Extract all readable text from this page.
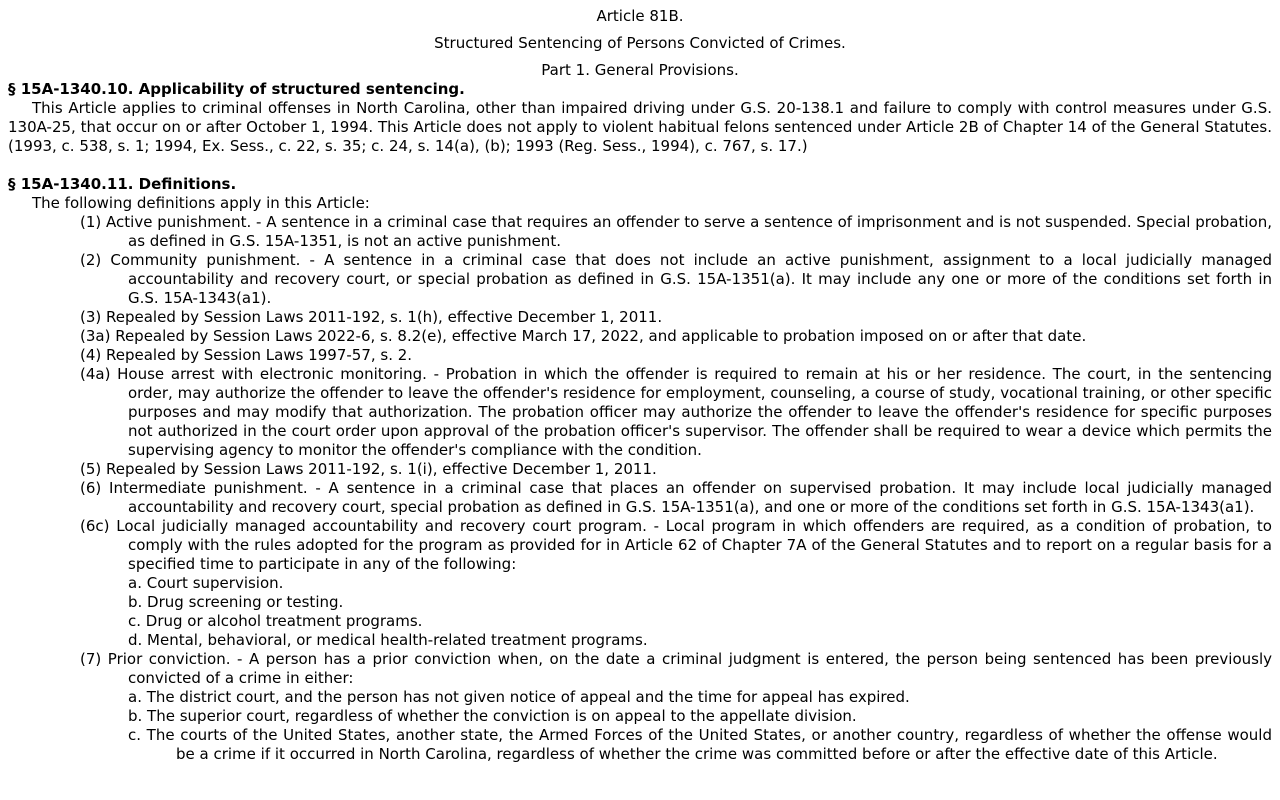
Article 81B.
Structured Sentencing of Persons Convicted of Crimes.
Part 1. General Provisions.
§ 15A-1340.10. Applicability of structured sentencing.
This Article applies to criminal offenses in North Carolina, other than impaired driving under G.S. 20-138.1 and failure to comply with control measures under G.S. 130A-25, that occur on or after October 1, 1994. This Article does not apply to violent habitual felons sentenced under Article 2B of Chapter 14 of the General Statutes. (1993, c. 538, s. 1; 1994, Ex. Sess., c. 22, s. 35; c. 24, s. 14(a), (b); 1993 (Reg. Sess., 1994), c. 767, s. 17.)
§ 15A-1340.11. Definitions.
The following definitions apply in this Article:
(1) Active punishment. - A sentence in a criminal case that requires an offender to serve a sentence of imprisonment and is not suspended. Special probation, as defined in G.S. 15A-1351, is not an active punishment.
(2) Community punishment. - A sentence in a criminal case that does not include an active punishment, assignment to a local judicially managed accountability and recovery court, or special probation as defined in G.S. 15A-1351(a). It may include any one or more of the conditions set forth in G.S. 15A-1343(a1).
(3) Repealed by Session Laws 2011-192, s. 1(h), effective December 1, 2011.
(3a) Repealed by Session Laws 2022-6, s. 8.2(e), effective March 17, 2022, and applicable to probation imposed on or after that date.
(4) Repealed by Session Laws 1997-57, s. 2.
(4a) House arrest with electronic monitoring. - Probation in which the offender is required to remain at his or her residence. The court, in the sentencing order, may authorize the offender to leave the offender's residence for employment, counseling, a course of study, vocational training, or other specific purposes and may modify that authorization. The probation officer may authorize the offender to leave the offender's residence for specific purposes not authorized in the court order upon approval of the probation officer's supervisor. The offender shall be required to wear a device which permits the supervising agency to monitor the offender's compliance with the condition.
(5) Repealed by Session Laws 2011-192, s. 1(i), effective December 1, 2011.
(6) Intermediate punishment. - A sentence in a criminal case that places an offender on supervised probation. It may include local judicially managed accountability and recovery court, special probation as defined in G.S. 15A-1351(a), and one or more of the conditions set forth in G.S. 15A-1343(a1).
(6c) Local judicially managed accountability and recovery court program. - Local program in which offenders are required, as a condition of probation, to comply with the rules adopted for the program as provided for in Article 62 of Chapter 7A of the General Statutes and to report on a regular basis for a specified time to participate in any of the following:
a. Court supervision.
b. Drug screening or testing.
c. Drug or alcohol treatment programs.
d. Mental, behavioral, or medical health-related treatment programs.
(7) Prior conviction. - A person has a prior conviction when, on the date a criminal judgment is entered, the person being sentenced has been previously convicted of a crime in either:
a. The district court, and the person has not given notice of appeal and the time for appeal has expired.
b. The superior court, regardless of whether the conviction is on appeal to the appellate division.
c. The courts of the United States, another state, the Armed Forces of the United States, or another country, regardless of whether the offense would be a crime if it occurred in North Carolina, regardless of whether the crime was committed before or after the effective date of this Article.
